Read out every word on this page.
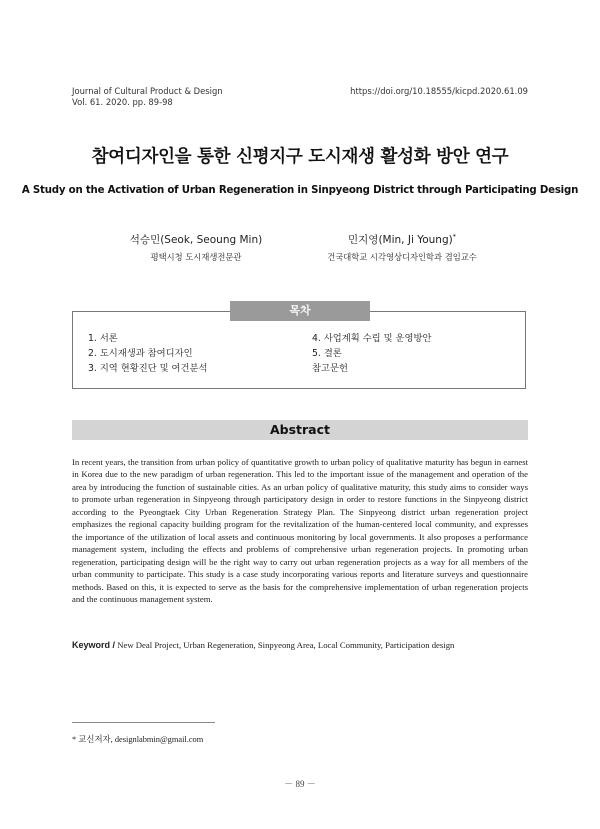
Journal of Cultural Product & Design
Vol. 61. 2020. pp. 89-98
https://doi.org/10.18555/kicpd.2020.61.09
참여디자인을 통한 신평지구 도시재생 활성화 방안 연구
A Study on the Activation of Urban Regeneration in Sinpyeong District through Participating Design
석승민(Seok, Seoung Min)
평택시청 도시재생전문관
민지영(Min, Ji Young)*
건국대학교 시각영상디자인학과 겸임교수
목차
1. 서론
2. 도시재생과 참여디자인
3. 지역 현황진단 및 여건분석
4. 사업계획 수립 및 운영방안
5. 결론
참고문헌
Abstract

In recent years, the transition from urban policy of quantitative growth to urban policy of qualitative maturity has begun in earnest in Korea due to the new paradigm of urban regeneration. This led to the important issue of the management and operation of the area by introducing the function of sustainable cities. As an urban policy of qualitative maturity, this study aims to consider ways to promote urban regeneration in Sinpyeong through participatory design in order to restore functions in the Sinpyeong district according to the Pyeongtaek City Urban Regeneration Strategy Plan. The Sinpyeong district urban regeneration project emphasizes the regional capacity building program for the revitalization of the human-centered local community, and expresses the importance of the utilization of local assets and continuous monitoring by local governments. It also proposes a performance management system, including the effects and problems of comprehensive urban regeneration projects. In promoting urban regeneration, participating design will be the right way to carry out urban regeneration projects as a way for all members of the urban community to participate. This study is a case study incorporating various reports and literature surveys and questionnaire methods. Based on this, it is expected to serve as the basis for the comprehensive implementation of urban regeneration projects and the continuous management system.

Keyword / New Deal Project, Urban Regeneration, Sinpyeong Area, Local Community, Participation design
* 교신저자, designlabmin@gmail.com
－ 89 －
